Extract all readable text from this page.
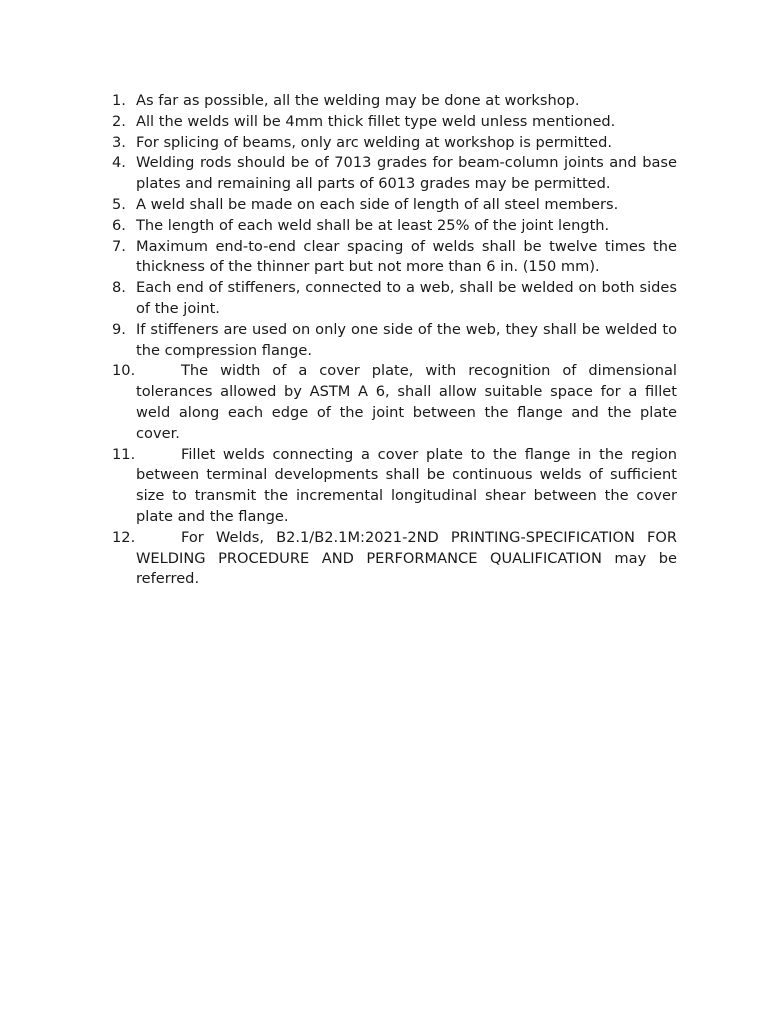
1. As far as possible, all the welding may be done at workshop.
2. All the welds will be 4mm thick fillet type weld unless mentioned.
3. For splicing of beams, only arc welding at workshop is permitted.
4. Welding rods should be of 7013 grades for beam-column joints and base plates and remaining all parts of 6013 grades may be permitted.
5. A weld shall be made on each side of length of all steel members.
6. The length of each weld shall be at least 25% of the joint length.
7. Maximum end-to-end clear spacing of welds shall be twelve times the thickness of the thinner part but not more than 6 in. (150 mm).
8. Each end of stiffeners, connected to a web, shall be welded on both sides of the joint.
9. If stiffeners are used on only one side of the web, they shall be welded to the compression flange.
10.	The width of a cover plate, with recognition of dimensional tolerances allowed by ASTM A 6, shall allow suitable space for a fillet weld along each edge of the joint between the flange and the plate cover.
11.	Fillet welds connecting a cover plate to the flange in the region between terminal developments shall be continuous welds of sufficient size to transmit the incremental longitudinal shear between the cover plate and the flange.
12.	For Welds, B2.1/B2.1M:2021-2ND PRINTING-SPECIFICATION FOR WELDING PROCEDURE AND PERFORMANCE QUALIFICATION may be referred.
